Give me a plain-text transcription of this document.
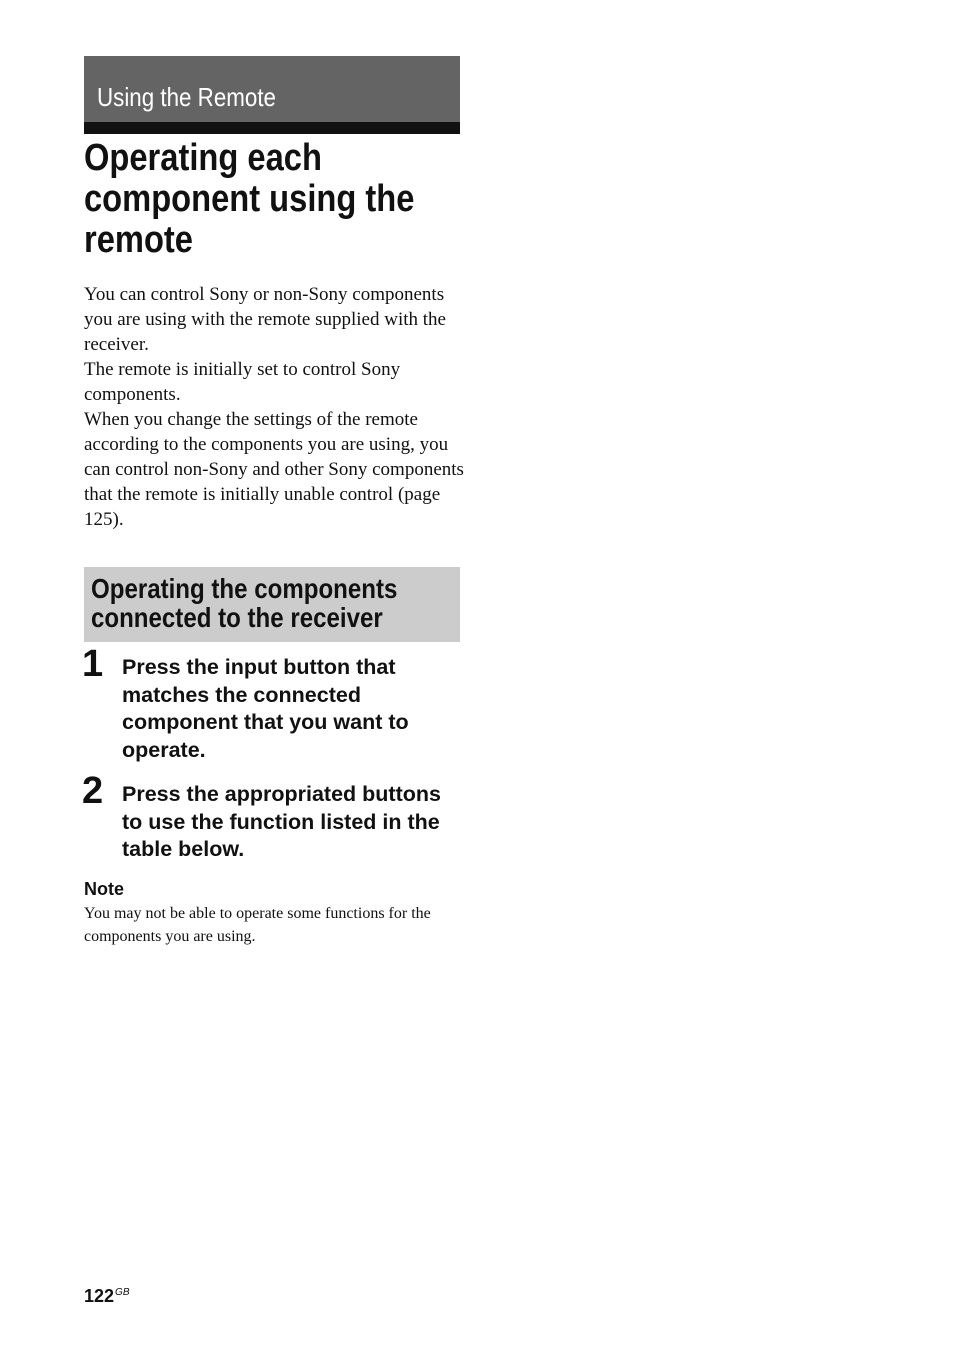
Using the Remote
Operating each
component using the
remote

You can control Sony or non-Sony components you are using with the remote supplied with the receiver.

The remote is initially set to control Sony components.

When you change the settings of the remote according to the components you are using, you can control non-Sony and other Sony components that the remote is initially unable control (page 125).

Operating the components
connected to the receiver
1 Press the input button that matches the connected component that you want to operate.
2 Press the appropriated buttons to use the function listed in the table below.
Note
You may not be able to operate some functions for the components you are using.
$122^{GB}$
